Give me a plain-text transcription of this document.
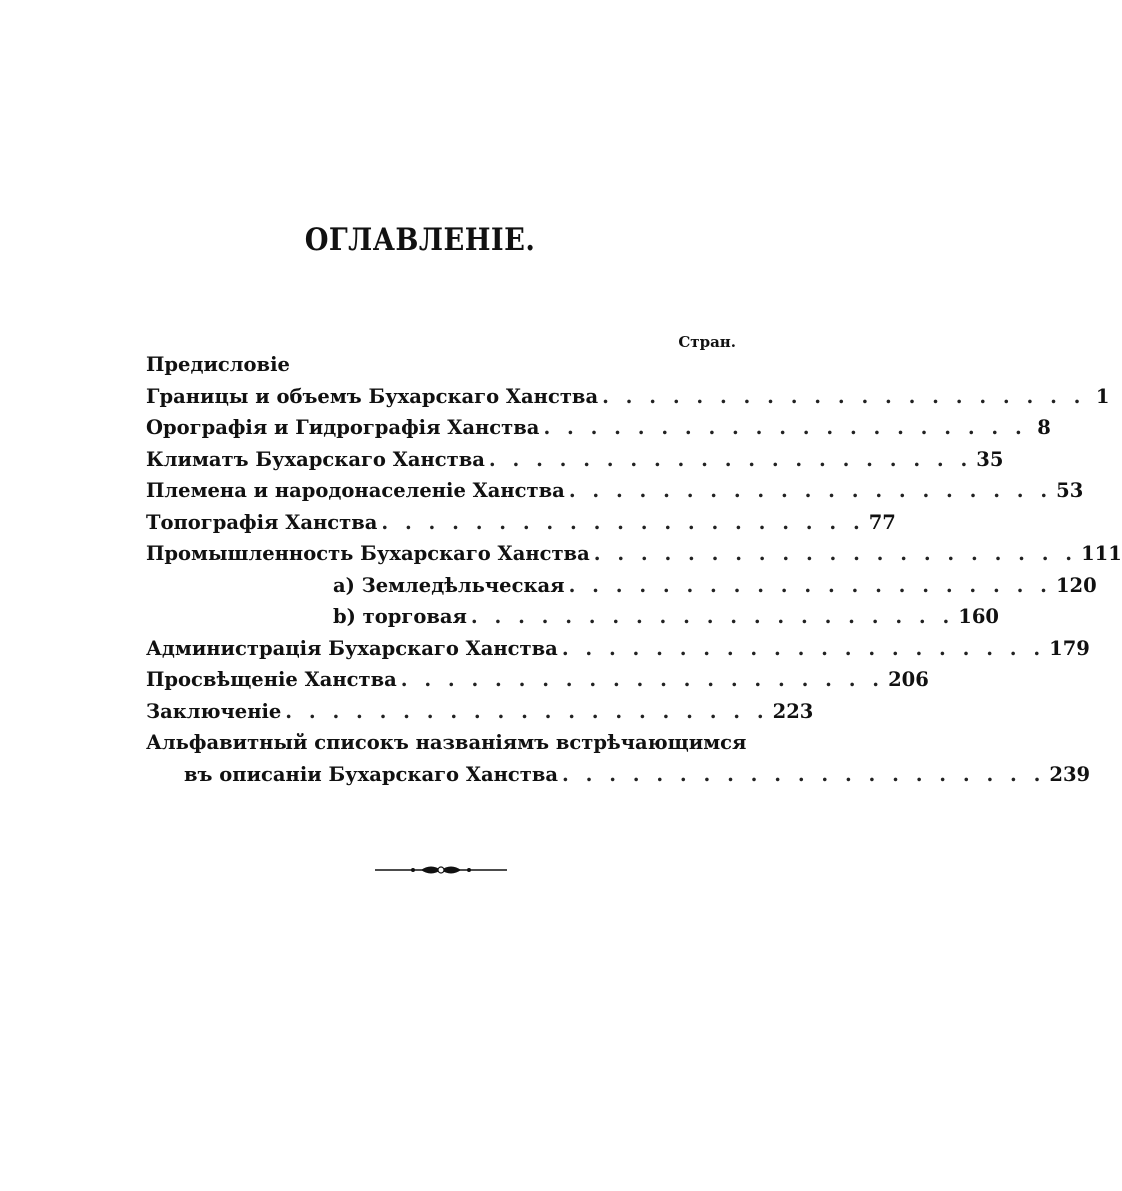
ОГЛАВЛЕНІЕ.
Стран.
Предисловіе
Границы и объемъ Бухарскаго Ханства . . . . . . . . . . . . . . . . . . . . . 1
Орографія и Гидрографія Ханства . . . . . . . . . . . . . . . . . . . . . 8
Климатъ Бухарскаго Ханства . . . . . . . . . . . . . . . . . . . . . 35
Племена и народонаселеніе Ханства . . . . . . . . . . . . . . . . . . . . . 53
Топографія Ханства . . . . . . . . . . . . . . . . . . . . . 77
Промышленность Бухарскаго Ханства . . . . . . . . . . . . . . . . . . . . . 111
a) Земледѣльческая . . . . . . . . . . . . . . . . . . . . . 120
b) торговая . . . . . . . . . . . . . . . . . . . . . 160
Администрація Бухарскаго Ханства . . . . . . . . . . . . . . . . . . . . . 179
Просвѣщеніе Ханства . . . . . . . . . . . . . . . . . . . . . 206
Заключеніе . . . . . . . . . . . . . . . . . . . . . 223
Альфавитный списокъ названіямъ встрѣчающимся
въ описаніи Бухарскаго Ханства . . . . . . . . . . . . . . . . . . . . . 239
